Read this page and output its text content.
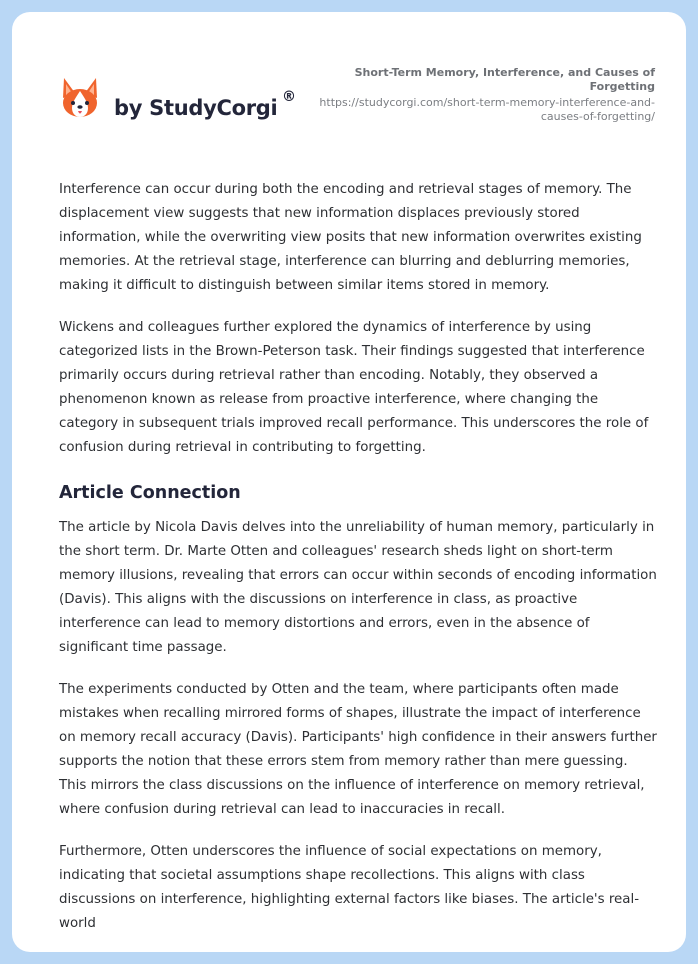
by StudyCorgi ®
Short-Term Memory, Interference, and Causes of Forgetting
https://studycorgi.com/short-term-memory-interference-and-causes-of-forgetting/

Interference can occur during both the encoding and retrieval stages of memory. The displacement view suggests that new information displaces previously stored information, while the overwriting view posits that new information overwrites existing memories. At the retrieval stage, interference can blurring and deblurring memories, making it difficult to distinguish between similar items stored in memory.

Wickens and colleagues further explored the dynamics of interference by using categorized lists in the Brown-Peterson task. Their findings suggested that interference primarily occurs during retrieval rather than encoding. Notably, they observed a phenomenon known as release from proactive interference, where changing the category in subsequent trials improved recall performance. This underscores the role of confusion during retrieval in contributing to forgetting.

Article Connection

The article by Nicola Davis delves into the unreliability of human memory, particularly in the short term. Dr. Marte Otten and colleagues' research sheds light on short-term memory illusions, revealing that errors can occur within seconds of encoding information (Davis). This aligns with the discussions on interference in class, as proactive interference can lead to memory distortions and errors, even in the absence of significant time passage.

The experiments conducted by Otten and the team, where participants often made mistakes when recalling mirrored forms of shapes, illustrate the impact of interference on memory recall accuracy (Davis). Participants' high confidence in their answers further supports the notion that these errors stem from memory rather than mere guessing. This mirrors the class discussions on the influence of interference on memory retrieval, where confusion during retrieval can lead to inaccuracies in recall.

Furthermore, Otten underscores the influence of social expectations on memory, indicating that societal assumptions shape recollections. This aligns with class discussions on interference, highlighting external factors like biases. The article's real-world
